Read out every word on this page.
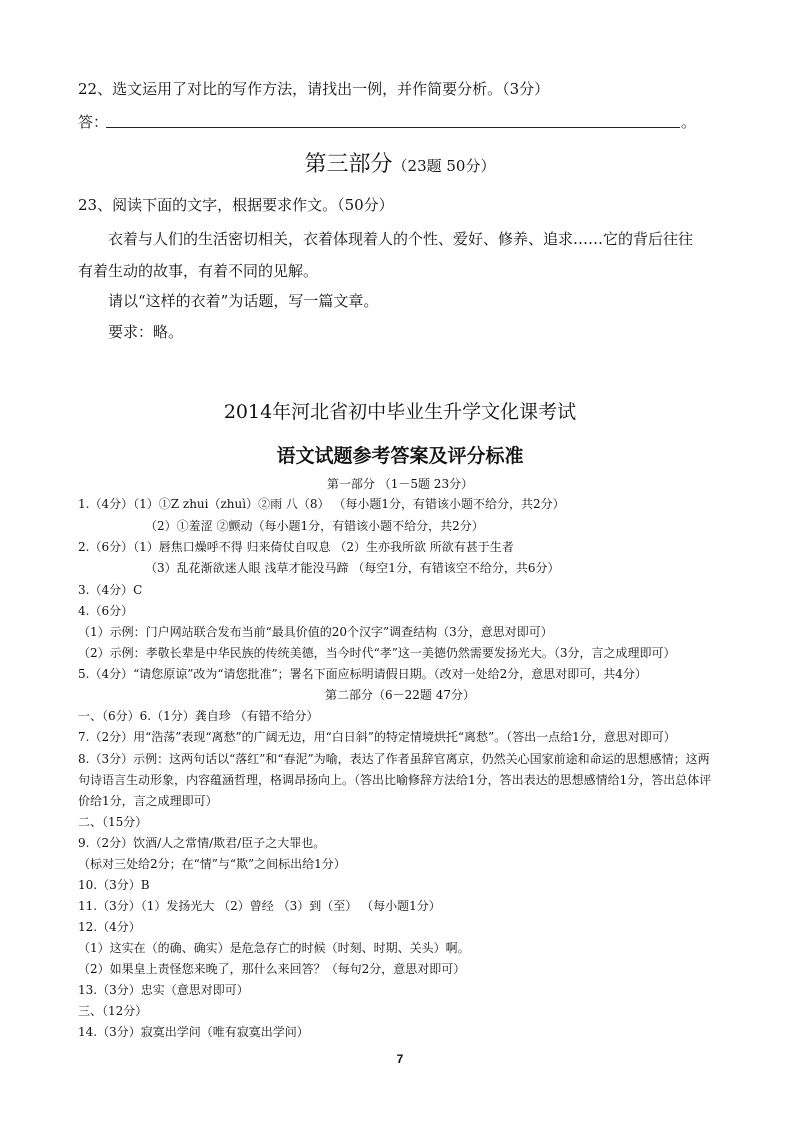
22、选文运用了对比的写作方法，请找出一例，并作简要分析。（3分）
答：	。
第三部分（23题 50分）
23、阅读下面的文字，根据要求作文。（50分）
衣着与人们的生活密切相关，衣着体现着人的个性、爱好、修养、追求……它的背后往往
有着生动的故事，有着不同的见解。
请以“这样的衣着”为话题，写一篇文章。
要求：略。
2014年河北省初中毕业生升学文化课考试
语文试题参考答案及评分标准
第一部分 （1－5题 23分）
1.（4分）（1）①Z zhui（zhuì）②雨 八（8） （每小题1分，有错该小题不给分，共2分）
（2）①羞涩 ②颤动（每小题1分，有错该小题不给分，共2分）
2.（6分）（1）唇焦口燥呼不得 归来倚仗自叹息 （2）生亦我所欲 所欲有甚于生者
（3）乱花渐欲迷人眼 浅草才能没马蹄 （每空1分，有错该空不给分，共6分）
3.（4分）C
4.（6分）
（1）示例：门户网站联合发布当前“最具价值的20个汉字”调查结构（3分，意思对即可）
（2）示例：孝敬长辈是中华民族的传统美德，当今时代“孝”这一美德仍然需要发扬光大。（3分，言之成理即可）
5.（4分）“请您原谅”改为“请您批准”；署名下面应标明请假日期。（改对一处给2分，意思对即可，共4分）
第二部分（6－22题 47分）
一、（6分）6.（1分）龚自珍 （有错不给分）
7.（2分）用“浩荡”表现“离愁”的广阔无边，用“白日斜”的特定情境烘托“离愁”。（答出一点给1分，意思对即可）
8.（3分）示例：这两句话以“落红”和“春泥”为喻，表达了作者虽辞官离京，仍然关心国家前途和命运的思想感情；这两句诗语言生动形象，内容蕴涵哲理，格调昂扬向上。（答出比喻修辞方法给1分，答出表达的思想感情给1分，答出总体评价给1分，言之成理即可）
二、（15分）
9.（2分）饮酒/人之常情/欺君/臣子之大罪也。
（标对三处给2分；在“情”与“欺”之间标出给1分）
10.（3分）B
11.（3分）（1）发扬光大 （2）曾经 （3）到（至） （每小题1分）
12.（4分）
（1）这实在（的确、确实）是危急存亡的时候（时刻、时期、关头）啊。
（2）如果皇上责怪您来晚了，那什么来回答？（每句2分，意思对即可）
13.（3分）忠实（意思对即可）
三、（12分）
14.（3分）寂寞出学问（唯有寂寞出学问）
7
